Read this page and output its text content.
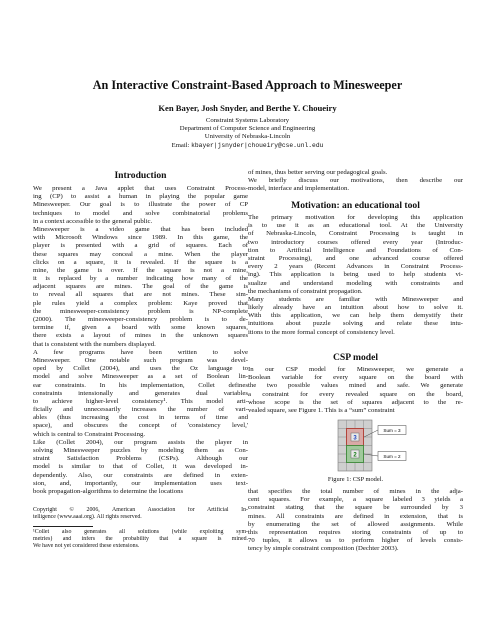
An Interactive Constraint-Based Approach to Minesweeper
Ken Bayer, Josh Snyder, and Berthe Y. Choueiry
Constraint Systems Laboratory
Department of Computer Science and Engineering
University of Nebraska-Lincoln
Email: kbayer|jsnyder|choueiry@cse.unl.edu
Introduction
We present a Java applet that uses Constraint Process-
ing (CP) to assist a human in playing the popular game
Minesweeper. Our goal is to illustrate the power of CP
techniques to model and solve combinatorial problems
in a context accessible to the general public.
Minesweeper is a video game that has been included
with Microsoft Windows since 1989. In this game, the
player is presented with a grid of squares. Each of
these squares may conceal a mine. When the player
clicks on a square, it is revealed. If the square is a
mine, the game is over. If the square is not a mine,
it is replaced by a number indicating how many of the
adjacent squares are mines. The goal of the game is
to reveal all squares that are not mines. These sim-
ple rules yield a complex problem: Kaye proved that
the minesweeper-consistency problem is NP-complete
(2000). The minesweeper-consistency problem is to de-
termine if, given a board with some known squares,
there exists a layout of mines in the unknown squares
that is consistent with the numbers displayed.
A few programs have been written to solve
Minesweeper. One notable such program was devel-
oped by Collet (2004), and uses the Oz language to
model and solve Minesweeper as a set of Boolean lin-
ear constraints. In his implementation, Collet defines
constraints intensionally and generates dual variables
to achieve higher-level consistency¹. This model arti-
ficially and unnecessarily increases the number of vari-
ables (thus increasing the cost in terms of time and
space), and obscures the concept of 'consistency level,'
which is central to Constraint Processing.
Like (Collet 2004), our program assists the player in
solving Minesweeper puzzles by modeling them as Con-
straint Satisfaction Problems (CSPs). Although our
model is similar to that of Collet, it was developed in-
dependently. Also, our constraints are defined in exten-
sion, and, importantly, our implementation uses text-
book propagation-algorithms to determine the locations
Copyright © 2006, American Association for Artificial In-
telligence (www.aaai.org). All rights reserved.
¹Collet also generates all solutions (while exploiting sym-
metries) and infers the probability that a square is mined.
We have not yet considered these extensions.
of mines, thus better serving our pedagogical goals.
We briefly discuss our motivations, then describe our
model, interface and implementation.
Motivation: an educational tool
The primary motivation for developing this application
is to use it as an educational tool. At the University
of Nebraska-Lincoln, Constraint Processing is taught in
two introductory courses offered every year (Introduc-
tion to Artificial Intelligence and Foundations of Con-
straint Processing), and one advanced course offered
every 2 years (Recent Advances in Constraint Process-
ing). This application is being used to help students vi-
sualize and understand modeling with constraints and
the mechanisms of constraint propagation.
Many students are familiar with Minesweeper and
likely already have an intuition about how to solve it.
With this application, we can help them demystify their
intuitions about puzzle solving and relate these intu-
itions to the more formal concept of consistency level.
CSP model
In our CSP model for Minesweeper, we generate a
Boolean variable for every square on the board with
the two possible values mined and safe. We generate
a constraint for every revealed square on the board,
whose scope is the set of squares adjacent to the re-
vealed square, see Figure 1. This is a “sum” constraint
3
2
Sum = 3
Sum = 2
Figure 1: CSP model.
that specifies the total number of mines in the adja-
cent squares. For example, a square labeled 3 yields a
constraint stating that the square be surrounded by 3
mines. All constraints are defined in extension, that is
by enumerating the set of allowed assignments. While
this representation requires storing constraints of up to
70 tuples, it allows us to perform higher of levels consis-
tency by simple constraint composition (Dechter 2003).
